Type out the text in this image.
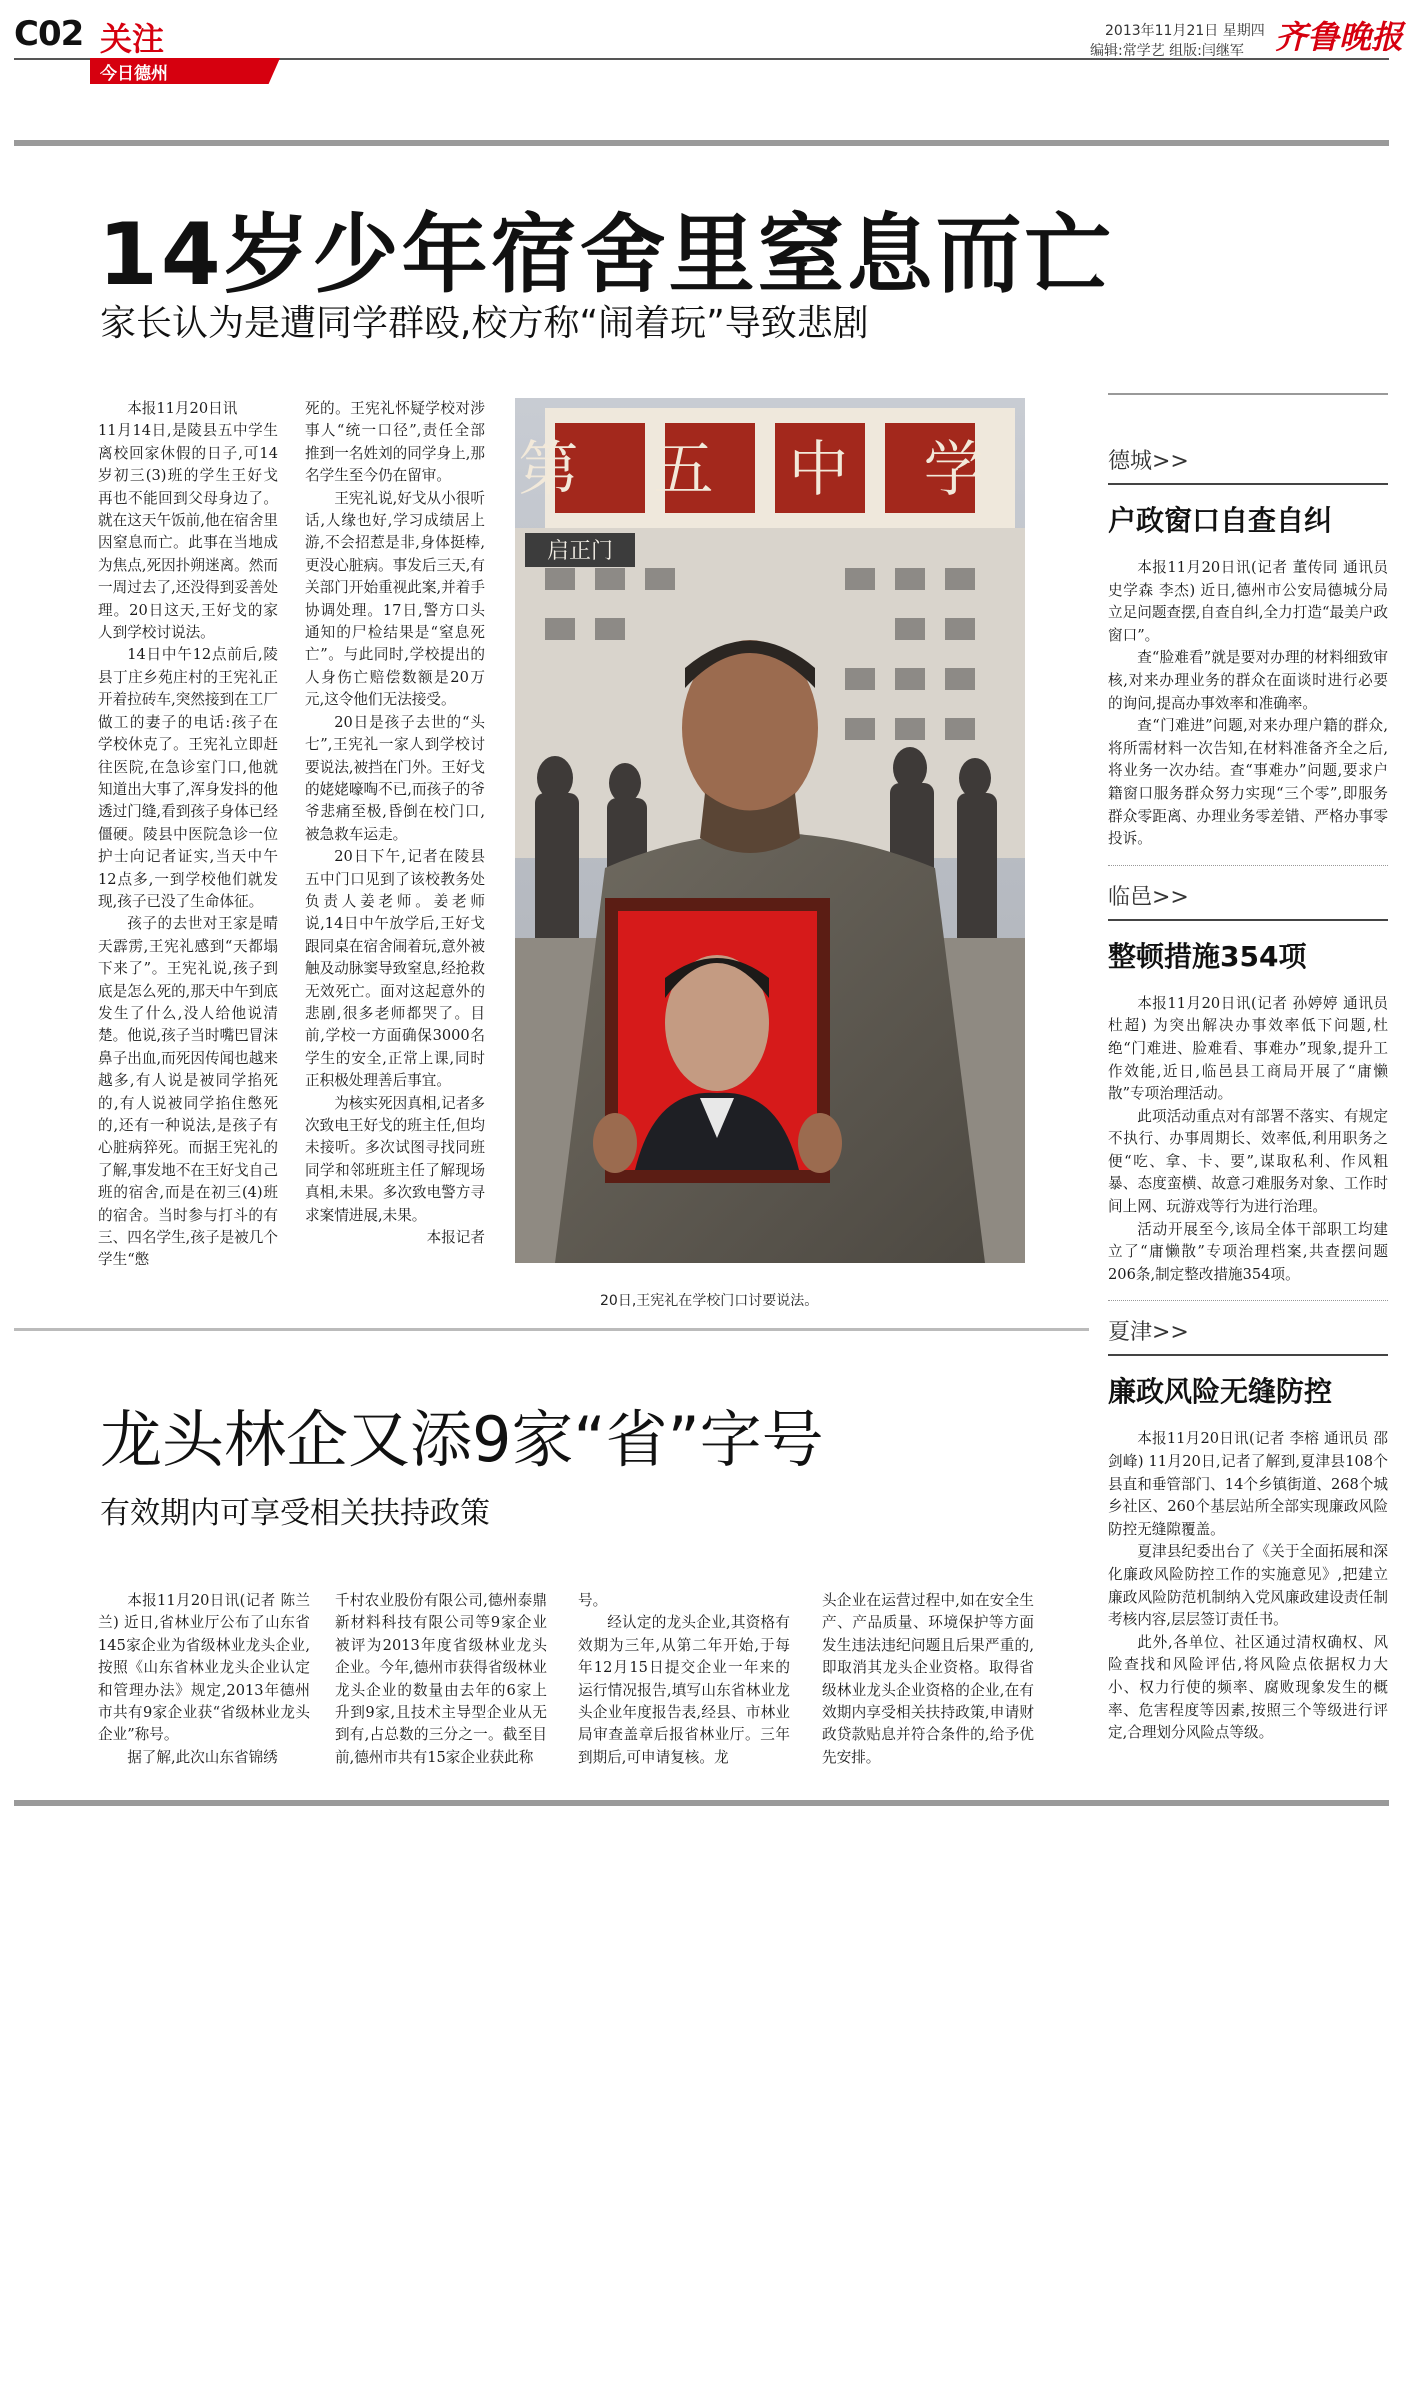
C02 关注
今日德州
2013年11月21日 星期四
编辑:常学艺 组版:闫继军 齐鲁晚报
14岁少年宿舍里窒息而亡
家长认为是遭同学群殴,校方称“闹着玩”导致悲剧

本报11月20日讯

11月14日,是陵县五中学生离校回家休假的日子,可14岁初三(3)班的学生王好戈再也不能回到父母身边了。就在这天午饭前,他在宿舍里因窒息而亡。此事在当地成为焦点,死因扑朔迷离。然而一周过去了,还没得到妥善处理。20日这天,王好戈的家人到学校讨说法。

14日中午12点前后,陵县丁庄乡苑庄村的王宪礼正开着拉砖车,突然接到在工厂做工的妻子的电话:孩子在学校休克了。王宪礼立即赶往医院,在急诊室门口,他就知道出大事了,浑身发抖的他透过门缝,看到孩子身体已经僵硬。陵县中医院急诊一位护士向记者证实,当天中午12点多,一到学校他们就发现,孩子已没了生命体征。

孩子的去世对王家是晴天霹雳,王宪礼感到“天都塌下来了”。王宪礼说,孩子到底是怎么死的,那天中午到底发生了什么,没人给他说清楚。他说,孩子当时嘴巴冒沫鼻子出血,而死因传闻也越来越多,有人说是被同学掐死的,有人说被同学掐住憋死的,还有一种说法,是孩子有心脏病猝死。而据王宪礼的了解,事发地不在王好戈自己班的宿舍,而是在初三(4)班的宿舍。当时参与打斗的有三、四名学生,孩子是被几个学生“憋

死的。王宪礼怀疑学校对涉事人“统一口径”,责任全部推到一名姓刘的同学身上,那名学生至今仍在留审。

王宪礼说,好戈从小很听话,人缘也好,学习成绩居上游,不会招惹是非,身体挺棒,更没心脏病。事发后三天,有关部门开始重视此案,并着手协调处理。17日,警方口头通知的尸检结果是“窒息死亡”。与此同时,学校提出的人身伤亡赔偿数额是20万元,这令他们无法接受。

20日是孩子去世的“头七”,王宪礼一家人到学校讨要说法,被挡在门外。王好戈的姥姥嚎啕不已,而孩子的爷爷悲痛至极,昏倒在校门口,被急救车运走。

20日下午,记者在陵县五中门口见到了该校教务处负责人姜老师。姜老师说,14日中午放学后,王好戈跟同桌在宿舍闹着玩,意外被触及动脉窦导致窒息,经抢救无效死亡。面对这起意外的悲剧,很多老师都哭了。目前,学校一方面确保3000名学生的安全,正常上课,同时正积极处理善后事宜。

为核实死因真相,记者多次致电王好戈的班主任,但均未接听。多次试图寻找同班同学和邻班班主任了解现场真相,未果。多次致电警方寻求案情进展,未果。

本报记者

第 五 中 学
启正门
20日,王宪礼在学校门口讨要说法。
龙头林企又添9家“省”字号
有效期内可享受相关扶持政策

本报11月20日讯(记者 陈兰兰) 近日,省林业厅公布了山东省145家企业为省级林业龙头企业,按照《山东省林业龙头企业认定和管理办法》规定,2013年德州市共有9家企业获“省级林业龙头企业”称号。

据了解,此次山东省锦绣

千村农业股份有限公司,德州泰鼎新材料科技有限公司等9家企业被评为2013年度省级林业龙头企业。今年,德州市获得省级林业龙头企业的数量由去年的6家上升到9家,且技术主导型企业从无到有,占总数的三分之一。截至目前,德州市共有15家企业获此称

号。

经认定的龙头企业,其资格有效期为三年,从第二年开始,于每年12月15日提交企业一年来的运行情况报告,填写山东省林业龙头企业年度报告表,经县、市林业局审查盖章后报省林业厅。三年到期后,可申请复核。龙

头企业在运营过程中,如在安全生产、产品质量、环境保护等方面发生违法违纪问题且后果严重的,即取消其龙头企业资格。取得省级林业龙头企业资格的企业,在有效期内享受相关扶持政策,申请财政贷款贴息并符合条件的,给予优先安排。

德城>>
户政窗口自查自纠

本报11月20日讯(记者 董传同 通讯员 史学森 李杰) 近日,德州市公安局德城分局立足问题查摆,自查自纠,全力打造“最美户政窗口”。

查“脸难看”就是要对办理的材料细致审核,对来办理业务的群众在面谈时进行必要的询问,提高办事效率和准确率。

查“门难进”问题,对来办理户籍的群众,将所需材料一次告知,在材料准备齐全之后,将业务一次办结。查“事难办”问题,要求户籍窗口服务群众努力实现“三个零”,即服务群众零距离、办理业务零差错、严格办事零投诉。

临邑>>
整顿措施354项

本报11月20日讯(记者 孙婷婷 通讯员 杜超) 为突出解决办事效率低下问题,杜绝“门难进、脸难看、事难办”现象,提升工作效能,近日,临邑县工商局开展了“庸懒散”专项治理活动。

此项活动重点对有部署不落实、有规定不执行、办事周期长、效率低,利用职务之便“吃、拿、卡、要”,谋取私利、作风粗暴、态度蛮横、故意刁难服务对象、工作时间上网、玩游戏等行为进行治理。

活动开展至今,该局全体干部职工均建立了“庸懒散”专项治理档案,共查摆问题206条,制定整改措施354项。

夏津>>
廉政风险无缝防控

本报11月20日讯(记者 李榕 通讯员 邵剑峰) 11月20日,记者了解到,夏津县108个县直和垂管部门、14个乡镇街道、268个城乡社区、260个基层站所全部实现廉政风险防控无缝隙覆盖。

夏津县纪委出台了《关于全面拓展和深化廉政风险防控工作的实施意见》,把建立廉政风险防范机制纳入党风廉政建设责任制考核内容,层层签订责任书。

此外,各单位、社区通过清权确权、风险查找和风险评估,将风险点依据权力大小、权力行使的频率、腐败现象发生的概率、危害程度等因素,按照三个等级进行评定,合理划分风险点等级。
